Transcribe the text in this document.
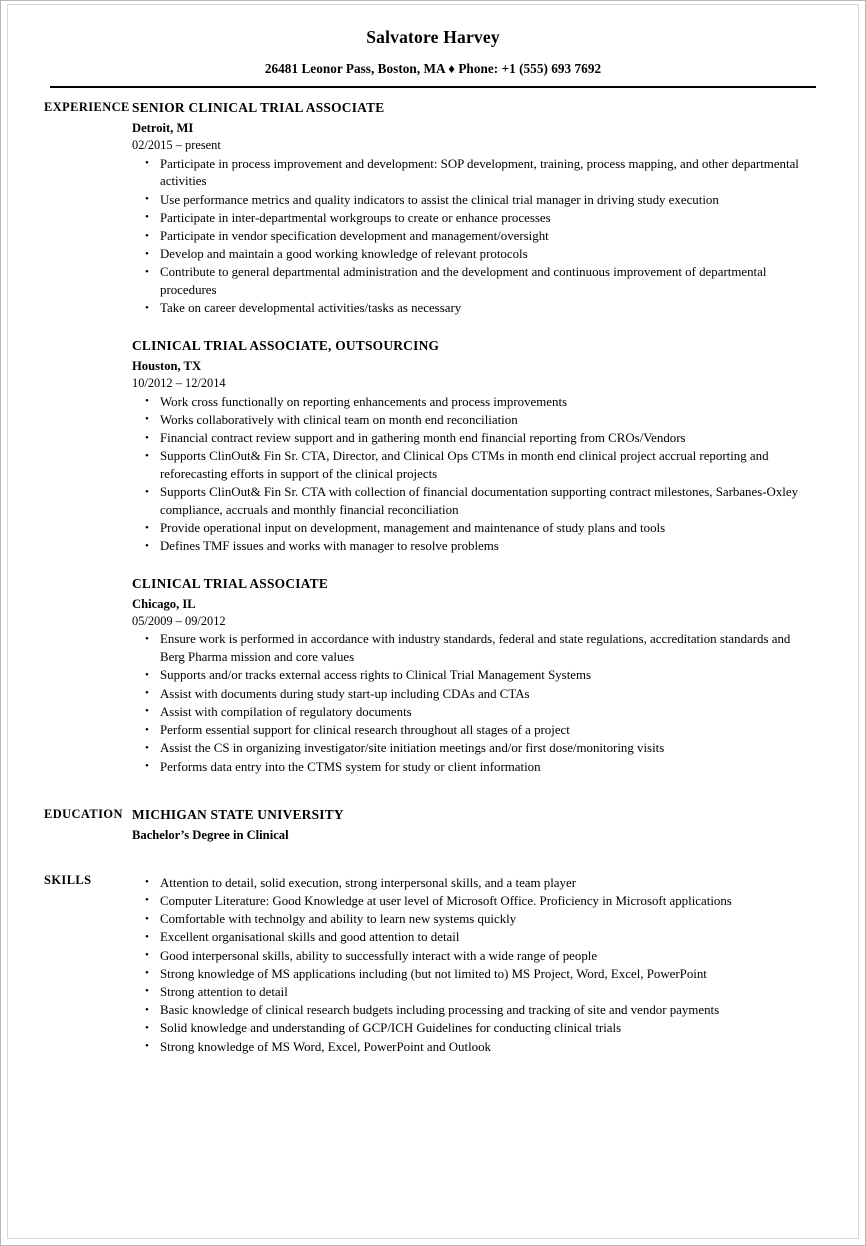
Salvatore Harvey
26481 Leonor Pass, Boston, MA ♦ Phone: +1 (555) 693 7692
EXPERIENCE SENIOR CLINICAL TRIAL ASSOCIATE
Detroit, MI
02/2015 – present
• Participate in process improvement and development: SOP development, training, process mapping, and other departmental activities
• Use performance metrics and quality indicators to assist the clinical trial manager in driving study execution
• Participate in inter-departmental workgroups to create or enhance processes
• Participate in vendor specification development and management/oversight
• Develop and maintain a good working knowledge of relevant protocols
• Contribute to general departmental administration and the development and continuous improvement of departmental procedures
• Take on career developmental activities/tasks as necessary
CLINICAL TRIAL ASSOCIATE, OUTSOURCING
Houston, TX
10/2012 – 12/2014
• Work cross functionally on reporting enhancements and process improvements
• Works collaboratively with clinical team on month end reconciliation
• Financial contract review support and in gathering month end financial reporting from CROs/Vendors
• Supports ClinOut& Fin Sr. CTA, Director, and Clinical Ops CTMs in month end clinical project accrual reporting and reforecasting efforts in support of the clinical projects
• Supports ClinOut& Fin Sr. CTA with collection of financial documentation supporting contract milestones, Sarbanes-Oxley compliance, accruals and monthly financial reconciliation
• Provide operational input on development, management and maintenance of study plans and tools
• Defines TMF issues and works with manager to resolve problems
CLINICAL TRIAL ASSOCIATE
Chicago, IL
05/2009 – 09/2012
• Ensure work is performed in accordance with industry standards, federal and state regulations, accreditation standards and Berg Pharma mission and core values
• Supports and/or tracks external access rights to Clinical Trial Management Systems
• Assist with documents during study start-up including CDAs and CTAs
• Assist with compilation of regulatory documents
• Perform essential support for clinical research throughout all stages of a project
• Assist the CS in organizing investigator/site initiation meetings and/or first dose/monitoring visits
• Performs data entry into the CTMS system for study or client information
EDUCATION MICHIGAN STATE UNIVERSITY
Bachelor’s Degree in Clinical
SKILLS	• Attention to detail, solid execution, strong interpersonal skills, and a team player
• Computer Literature: Good Knowledge at user level of Microsoft Office. Proficiency in Microsoft applications
• Comfortable with technolgy and ability to learn new systems quickly
• Excellent organisational skills and good attention to detail
• Good interpersonal skills, ability to successfully interact with a wide range of people
• Strong knowledge of MS applications including (but not limited to) MS Project, Word, Excel, PowerPoint
• Strong attention to detail
• Basic knowledge of clinical research budgets including processing and tracking of site and vendor payments
• Solid knowledge and understanding of GCP/ICH Guidelines for conducting clinical trials
• Strong knowledge of MS Word, Excel, PowerPoint and Outlook
